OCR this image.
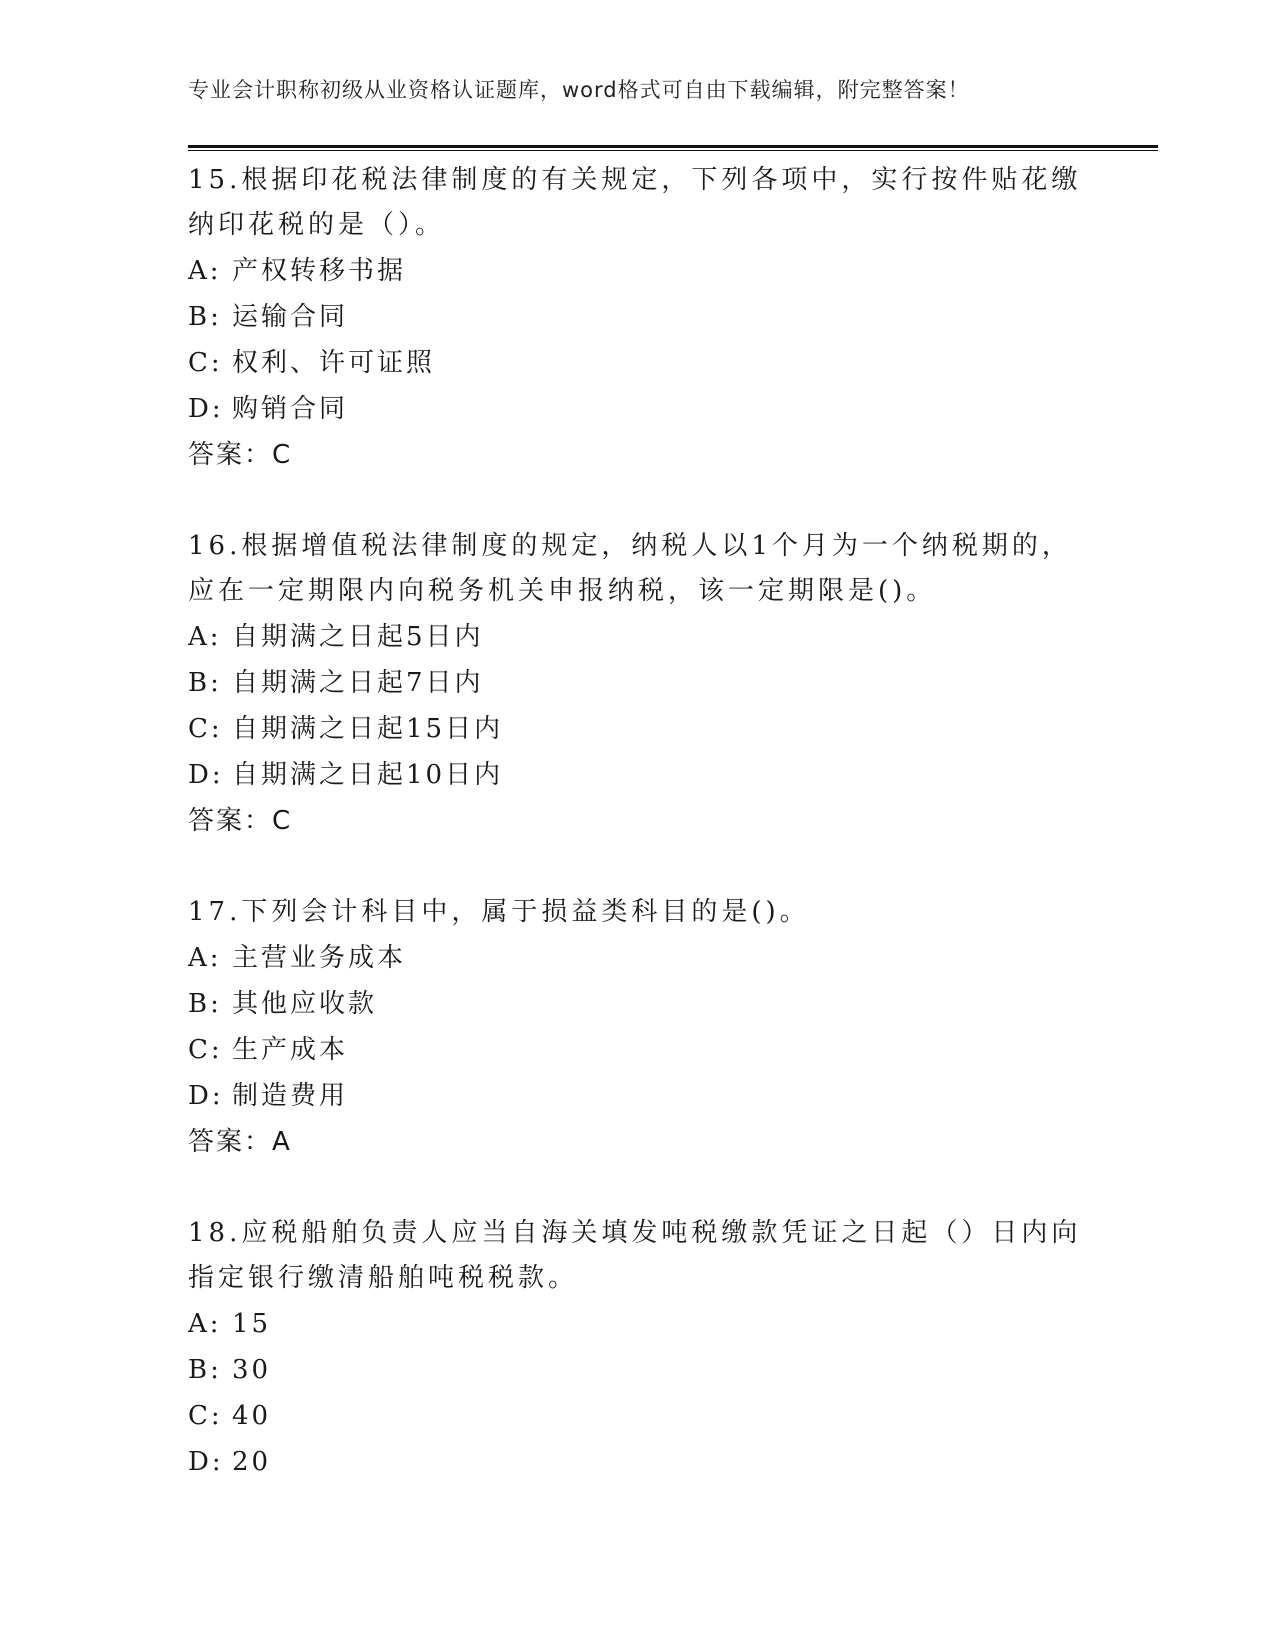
专业会计职称初级从业资格认证题库，word格式可自由下载编辑，附完整答案！

15.根据印花税法律制度的有关规定，下列各项中，实行按件贴花缴纳印花税的是（）。

A: 产权转移书据

B: 运输合同

C: 权利、许可证照

D: 购销合同

答案：C

16.根据增值税法律制度的规定，纳税人以1个月为一个纳税期的，应在一定期限内向税务机关申报纳税，该一定期限是()。

A: 自期满之日起5日内

B: 自期满之日起7日内

C: 自期满之日起15日内

D: 自期满之日起10日内

答案：C

17.下列会计科目中，属于损益类科目的是()。

A: 主营业务成本

B: 其他应收款

C: 生产成本

D: 制造费用

答案：A

18.应税船舶负责人应当自海关填发吨税缴款凭证之日起（）日内向指定银行缴清船舶吨税税款。

A: 15

B: 30

C: 40

D: 20
